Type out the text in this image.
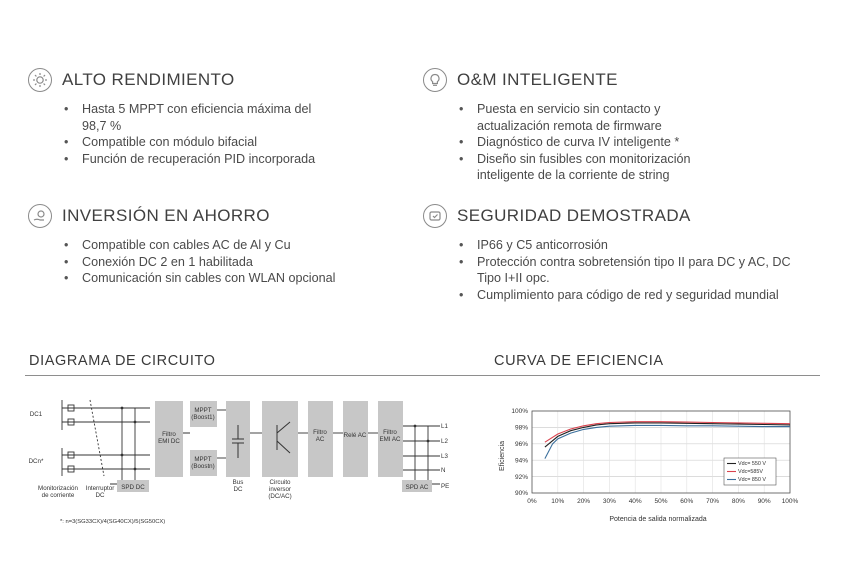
ALTO RENDIMIENTO
• Hasta 5 MPPT con eficiencia máxima del 98,7 %
• Compatible con módulo bifacial
• Función de recuperación PID incorporada
O&M INTELIGENTE
• Puesta en servicio sin contacto y actualización remota de firmware
• Diagnóstico de curva IV inteligente *
• Diseño sin fusibles con monitorización inteligente de la corriente de string
INVERSIÓN EN AHORRO
• Compatible con cables AC de Al y Cu
• Conexión DC 2 en 1 habilitada
• Comunicación sin cables con WLAN opcional
SEGURIDAD DEMOSTRADA
• IP66 y C5 anticorrosión
• Protección contra sobretensión tipo II para DC y AC, DC Tipo I+II opc.
• Cumplimiento para código de red y seguridad mundial
DIAGRAMA DE CIRCUITO	CURVA DE EFICIENCIA
DC1
DCn*
Filtro EMI DC
MPPT (Boost1)
MPPT (Boostn)
Bus DC
Circuito inversor (DC/AC)
Filtro AC
Relé AC	Filtro EMI AC
Monitorización de corriente
Interruptor DC
SPD DC	SPD AC
L1
L2
L3
N
PE
*: n=3(SG33CX)/4(SG40CX)/5(SG50CX)
90%
92%
94%
96%
98%
100%
0% 10% 20% 30% 40% 50% 60% 70% 80% 90% 100%
Vdc= 550 V
Vdc=585V
Vdc= 850 V
Potencia de salida normalizada
Eficiencia
